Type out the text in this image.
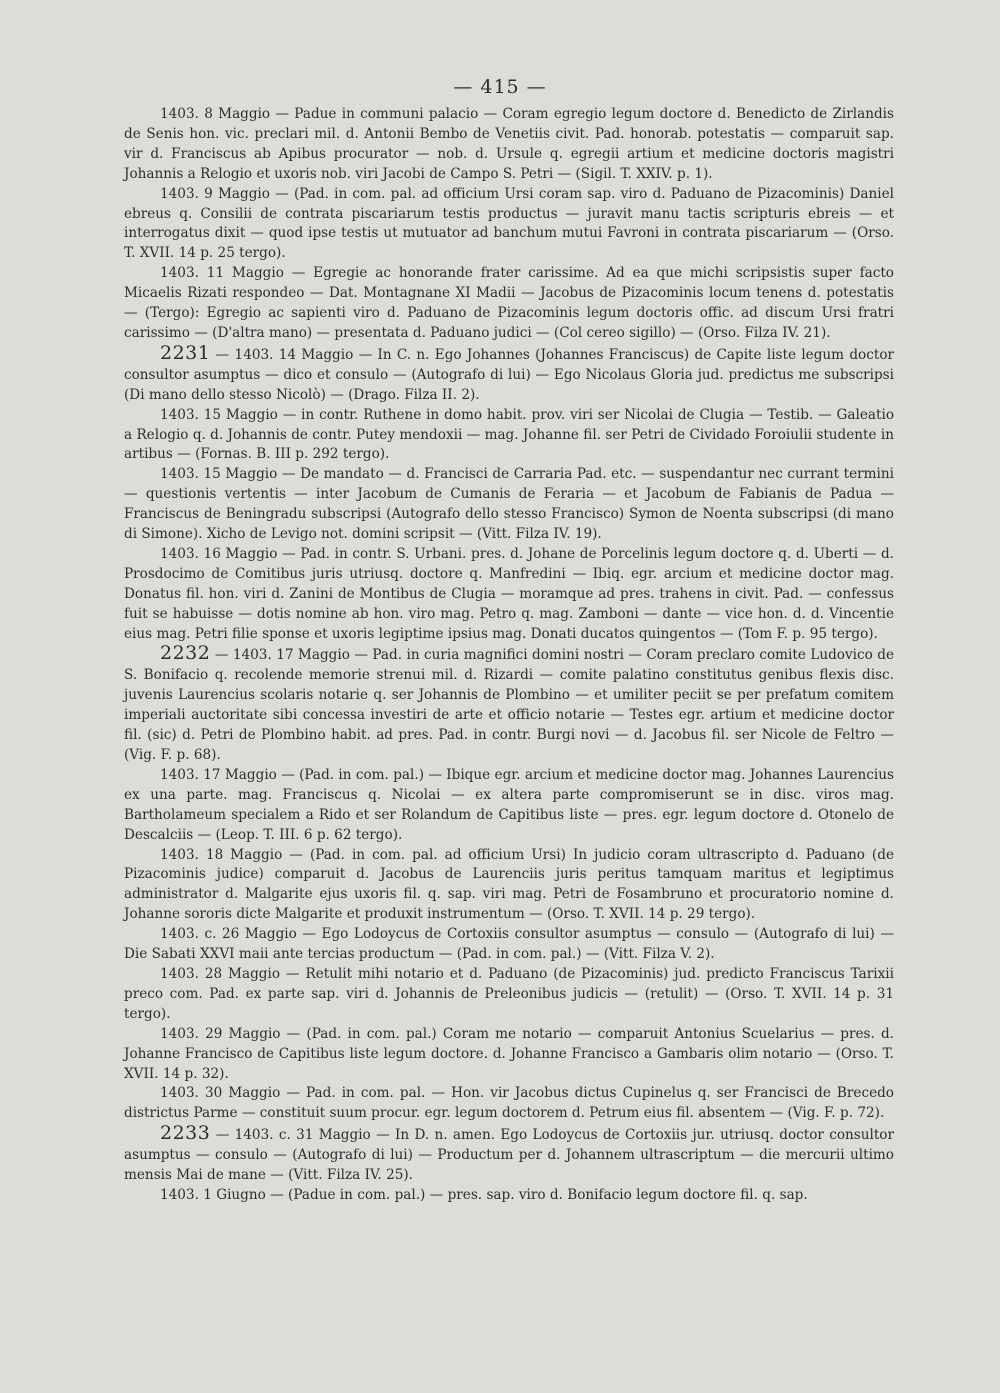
— 415 —

1403. 8 Maggio — Padue in communi palacio — Coram egregio legum doctore d. Benedicto de Zirlandis de Senis hon. vic. preclari mil. d. Antonii Bembo de Venetiis civit. Pad. honorab. potestatis — comparuit sap. vir d. Franciscus ab Apibus procurator — nob. d. Ursule q. egregii artium et medicine doctoris magistri Johannis a Relogio et uxoris nob. viri Jacobi de Campo S. Petri — (Sigil. T. XXIV. p. 1).

1403. 9 Maggio — (Pad. in com. pal. ad officium Ursi coram sap. viro d. Paduano de Pizacominis) Daniel ebreus q. Consilii de contrata piscariarum testis productus — juravit manu tactis scripturis ebreis — et interrogatus dixit — quod ipse testis ut mutuator ad banchum mutui Favroni in contrata piscariarum — (Orso. T. XVII. 14 p. 25 tergo).

1403. 11 Maggio — Egregie ac honorande frater carissime. Ad ea que michi scripsistis super facto Micaelis Rizati respondeo — Dat. Montagnane XI Madii — Jacobus de Pizacominis locum tenens d. potestatis — (Tergo): Egregio ac sapienti viro d. Paduano de Pizacominis legum doctoris offic. ad discum Ursi fratri carissimo — (D'altra mano) — presentata d. Paduano judici — (Col cereo sigillo) — (Orso. Filza IV. 21).

2231 — 1403. 14 Maggio — In C. n. Ego Johannes (Johannes Franciscus) de Capite liste legum doctor consultor asumptus — dico et consulo — (Autografo di lui) — Ego Nicolaus Gloria jud. predictus me subscripsi (Di mano dello stesso Nicolò) — (Drago. Filza II. 2).

1403. 15 Maggio — in contr. Ruthene in domo habit. prov. viri ser Nicolai de Clugia — Testib. — Galeatio a Relogio q. d. Johannis de contr. Putey mendoxii — mag. Johanne fil. ser Petri de Cividado Foroiulii studente in artibus — (Fornas. B. III p. 292 tergo).

1403. 15 Maggio — De mandato — d. Francisci de Carraria Pad. etc. — suspendantur nec currant termini — questionis vertentis — inter Jacobum de Cumanis de Feraria — et Jacobum de Fabianis de Padua — Franciscus de Beningradu subscripsi (Autografo dello stesso Francisco) Symon de Noenta subscripsi (di mano di Simone). Xicho de Levigo not. domini scripsit — (Vitt. Filza IV. 19).

1403. 16 Maggio — Pad. in contr. S. Urbani. pres. d. Johane de Porcelinis legum doctore q. d. Uberti — d. Prosdocimo de Comitibus juris utriusq. doctore q. Manfredini — Ibiq. egr. arcium et medicine doctor mag. Donatus fil. hon. viri d. Zanini de Montibus de Clugia — moramque ad pres. trahens in civit. Pad. — confessus fuit se habuisse — dotis nomine ab hon. viro mag. Petro q. mag. Zamboni — dante — vice hon. d. d. Vincentie eius mag. Petri filie sponse et uxoris legiptime ipsius mag. Donati ducatos quingentos — (Tom F. p. 95 tergo).

2232 — 1403. 17 Maggio — Pad. in curia magnifici domini nostri — Coram preclaro comite Ludovico de S. Bonifacio q. recolende memorie strenui mil. d. Rizardi — comite palatino constitutus genibus flexis disc. juvenis Laurencius scolaris notarie q. ser Johannis de Plombino — et umiliter peciit se per prefatum comitem imperiali auctoritate sibi concessa investiri de arte et officio notarie — Testes egr. artium et medicine doctor fil. (sic) d. Petri de Plombino habit. ad pres. Pad. in contr. Burgi novi — d. Jacobus fil. ser Nicole de Feltro — (Vig. F. p. 68).

1403. 17 Maggio — (Pad. in com. pal.) — Ibique egr. arcium et medicine doctor mag. Johannes Laurencius ex una parte. mag. Franciscus q. Nicolai — ex altera parte compromiserunt se in disc. viros mag. Bartholameum specialem a Rido et ser Rolandum de Capitibus liste — pres. egr. legum doctore d. Otonelo de Descalciis — (Leop. T. III. 6 p. 62 tergo).

1403. 18 Maggio — (Pad. in com. pal. ad officium Ursi) In judicio coram ultrascripto d. Paduano (de Pizacominis judice) comparuit d. Jacobus de Laurenciis juris peritus tamquam maritus et legiptimus administrator d. Malgarite ejus uxoris fil. q. sap. viri mag. Petri de Fosambruno et procuratorio nomine d. Johanne sororis dicte Malgarite et produxit instrumentum — (Orso. T. XVII. 14 p. 29 tergo).

1403. c. 26 Maggio — Ego Lodoycus de Cortoxiis consultor asumptus — consulo — (Autografo di lui) — Die Sabati XXVI maii ante tercias productum — (Pad. in com. pal.) — (Vitt. Filza V. 2).

1403. 28 Maggio — Retulit mihi notario et d. Paduano (de Pizacominis) jud. predicto Franciscus Tarixii preco com. Pad. ex parte sap. viri d. Johannis de Preleonibus judicis — (retulit) — (Orso. T. XVII. 14 p. 31 tergo).

1403. 29 Maggio — (Pad. in com. pal.) Coram me notario — comparuit Antonius Scuelarius — pres. d. Johanne Francisco de Capitibus liste legum doctore. d. Johanne Francisco a Gambaris olim notario — (Orso. T. XVII. 14 p. 32).

1403. 30 Maggio — Pad. in com. pal. — Hon. vir Jacobus dictus Cupinelus q. ser Francisci de Brecedo districtus Parme — constituit suum procur. egr. legum doctorem d. Petrum eius fil. absentem — (Vig. F. p. 72).

2233 — 1403. c. 31 Maggio — In D. n. amen. Ego Lodoycus de Cortoxiis jur. utriusq. doctor consultor asumptus — consulo — (Autografo di lui) — Productum per d. Johannem ultrascriptum — die mercurii ultimo mensis Mai de mane — (Vitt. Filza IV. 25).

1403. 1 Giugno — (Padue in com. pal.) — pres. sap. viro d. Bonifacio legum doctore fil. q. sap.
